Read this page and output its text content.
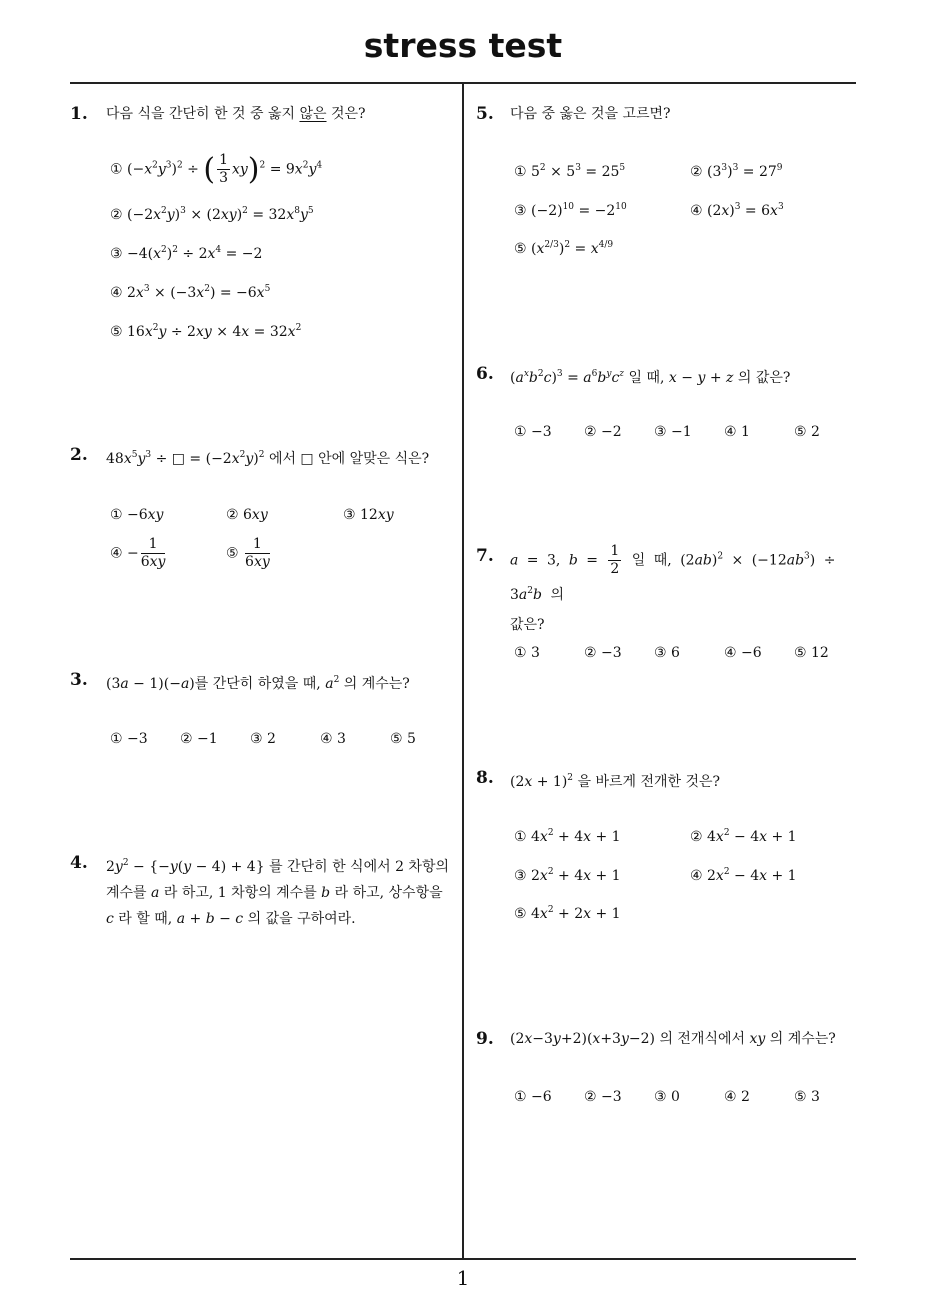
stress test
1
1. 다음 식을 간단히 한 것 중 옳지 않은 것은?
① $(-x^2y^3)^2$ ÷ ( $\frac{1}{3} xy)^2 = 9x^2y^4$
② $(-2x^2y)^3 \times (2xy)^2 = 32x^8y^5$
③ $-4(x^2)^2 \div 2x^4 = -2$
④ $2x^3 \times (-3x^2) = -6x^5$
⑤ $16x^2y \div 2xy \times 4x = 32x^2$
2. $48x^5y^3$ ÷ □ = $(-2x^2y)^2$ 에서 □ 안에 알맞은 식은?
① −6xy	② 6xy	③ 12xy
④ − $\frac{1}{6xy}$	⑤ $\frac{1}{6xy}$
3. (3a − 1)(−a)를 간단히 하였을 때, $a^2$ 의 계수는?
① −3 ② −1 ③ 2	④ 3	⑤ 5
4. $2y^2 - \{-y(y - 4) + 4\}$ 를 간단히 한 식에서 2 차항의
계수를 a 라 하고, 1 차항의 계수를 b 라 하고, 상수항을
c 라 할 때, a + b − c 의 값을 구하여라.
5. 다음 중 옳은 것을 고르면?
① $5^2 \times 5^3 = 25^5$	② $(3^3)^3 = 27^9$
③ $(-2)^{10} = -2^{10}$	④ $(2x)^3 = 6x^3$
⑤ $(x^{2/3})^2 = x^{4/9}$
6. $(a^xb^2c)^3 = a^6b^yc^z$ 일 때, x − y + z 의 값은?
① −3 ② −2 ③ −1 ④ 1	⑤ 2
7. a = 3, $b = \frac{1}{2}$ 일 때, $(2ab)^2 \times (-12ab^3) \div 3a^2b$ 의
값은?
① 3	② −3 ③ 6	④ −6 ⑤ 12
8. $(2x + 1)^2$ 을 바르게 전개한 것은?
① $4x^2 + 4x + 1$	② $4x^2 - 4x + 1$
③ $2x^2 + 4x + 1$	④ $2x^2 - 4x + 1$
⑤ $4x^2 + 2x + 1$
9. (2x−3y+2)(x+3y−2) 의 전개식에서 xy 의 계수는?
① −6 ② −3 ③ 0	④ 2	⑤ 3
